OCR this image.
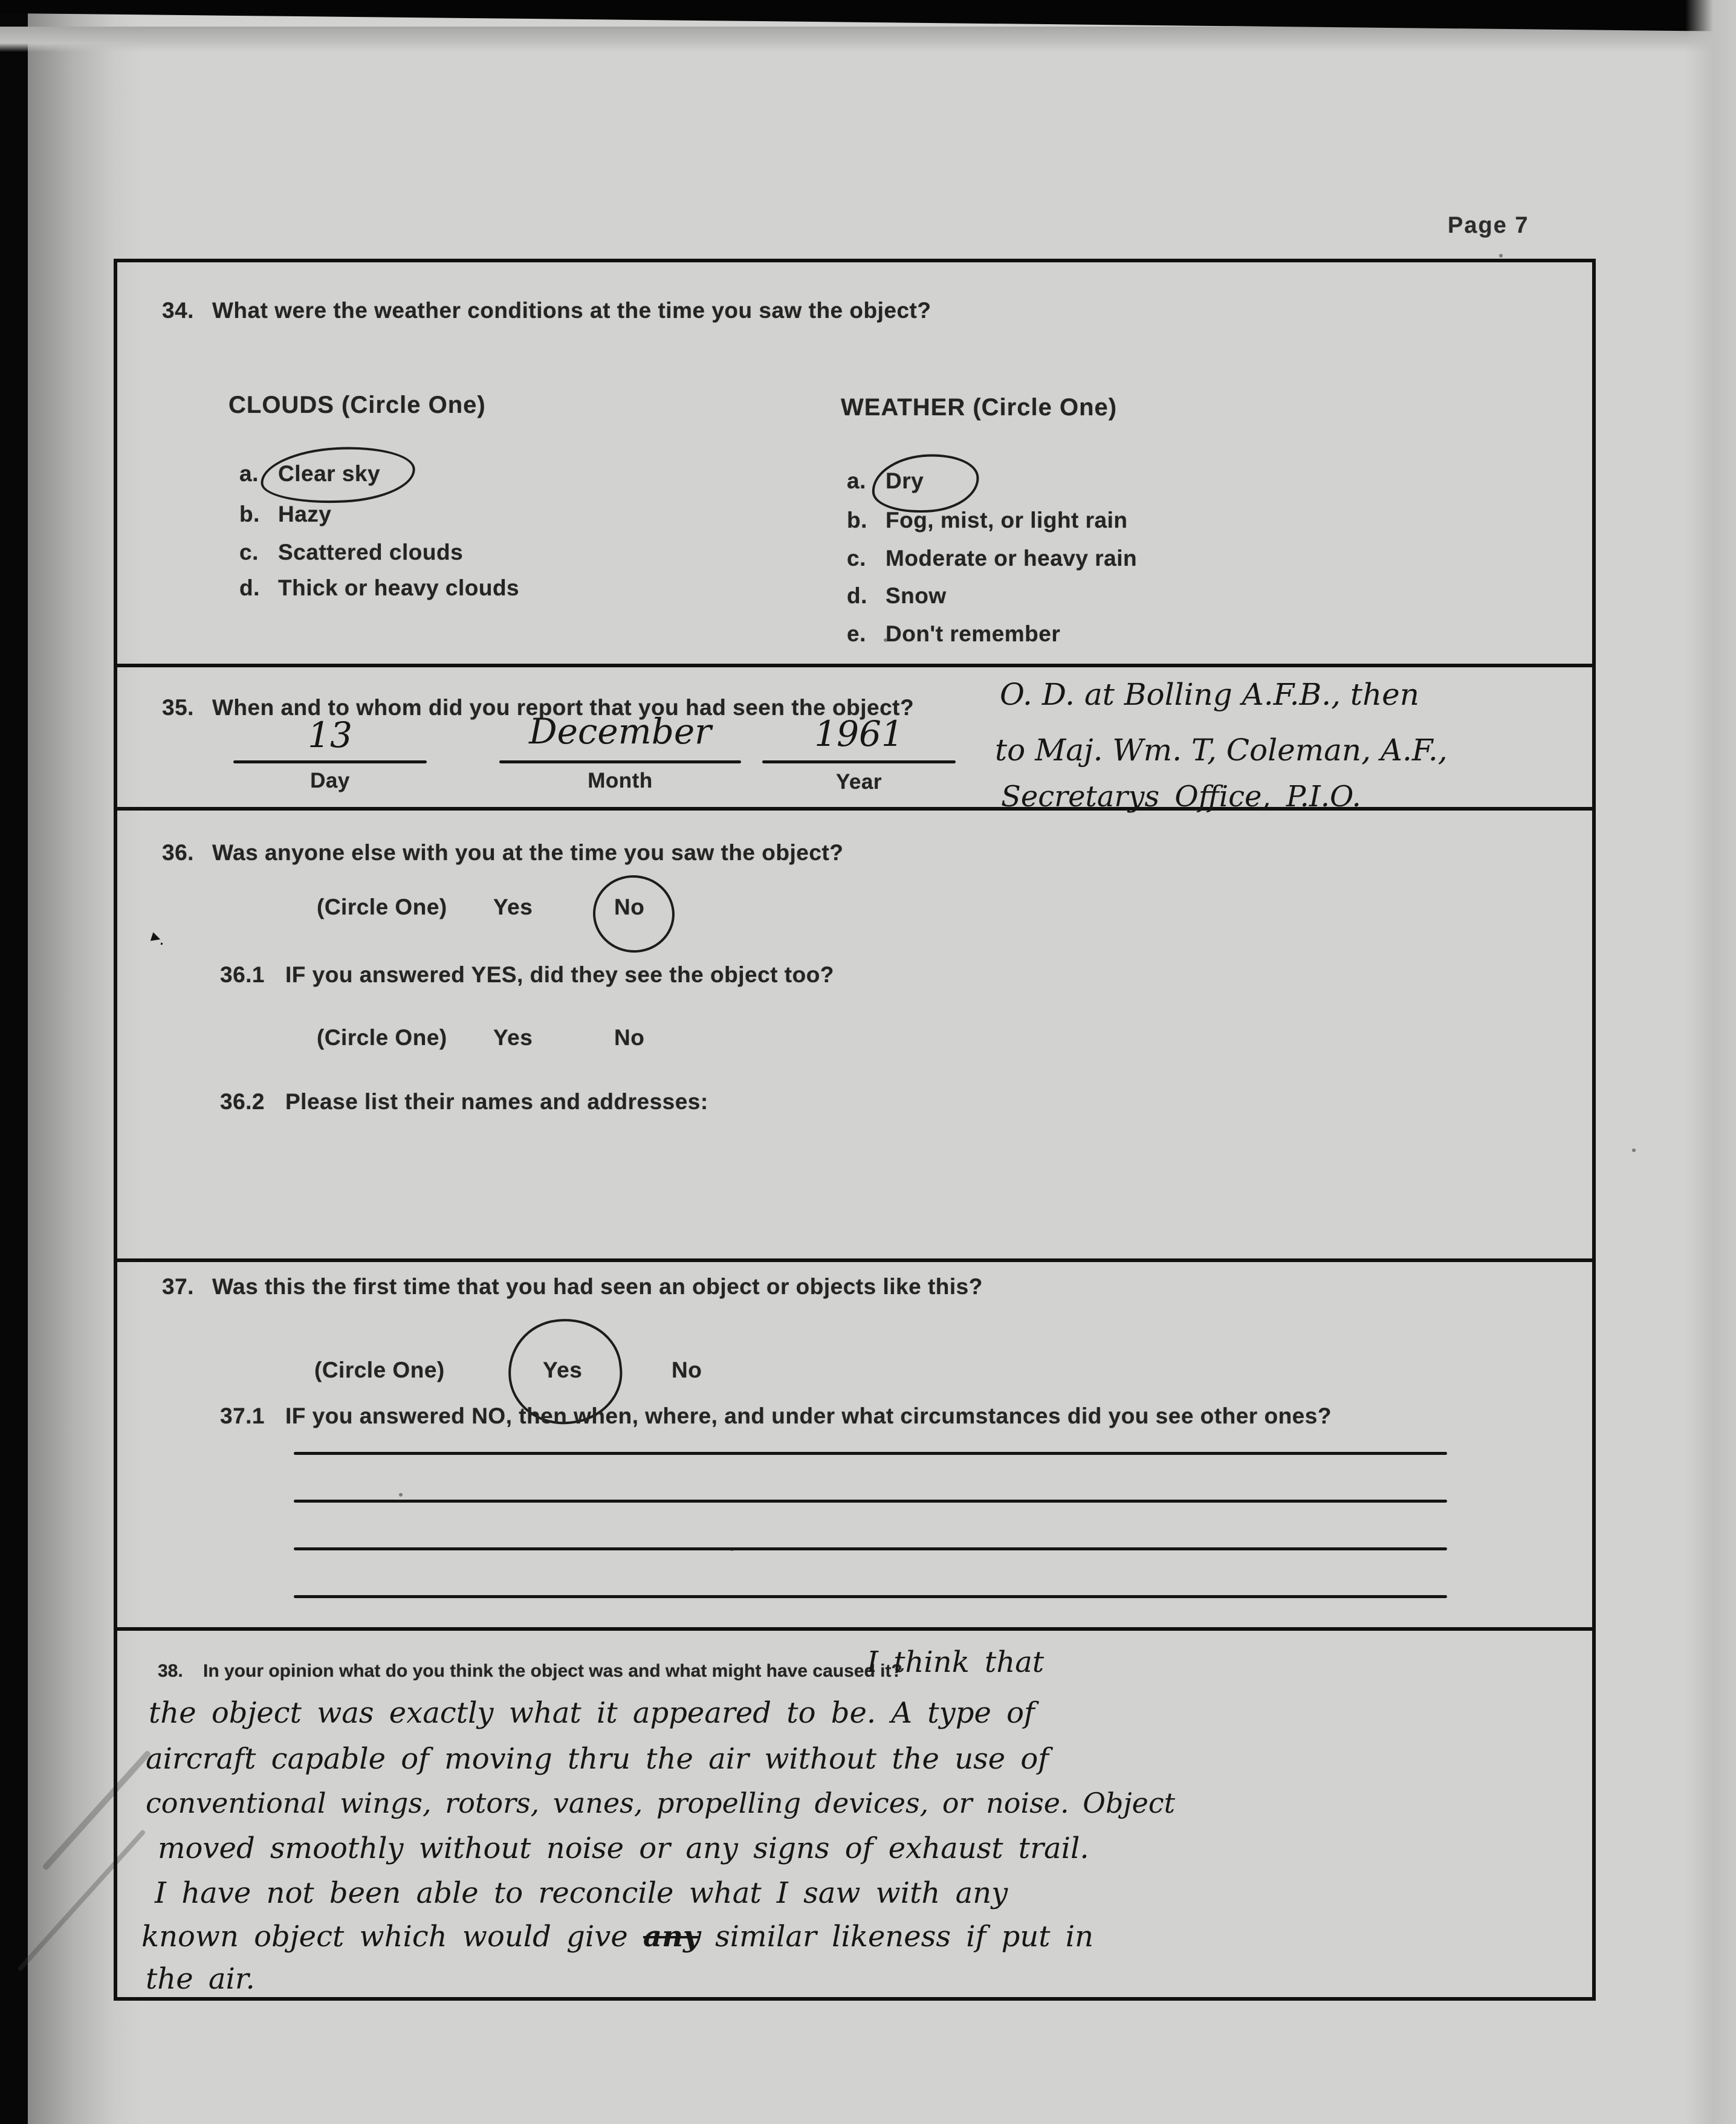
Page 7
34. What were the weather conditions at the time you saw the object?
CLOUDS (Circle One)	WEATHER (Circle One)
a. Clear sky
b. Hazy
c. Scattered clouds
d. Thick or heavy clouds
a. Dry
b. Fog, mist, or light rain
c. Moderate or heavy rain
d. Snow
e. Don't remember
35. When and to whom did you report that you had seen the object?	O. D. at Bolling A.F.B., then
to Maj. Wm. T, Coleman, A.F.,
Secretarys Office, P.I.O.
13
Day
December
Month
1961
Year
36. Was anyone else with you at the time you saw the object?
(Circle One) Yes	No
▸.
36.1 IF you answered YES, did they see the object too?
(Circle One) Yes	No
36.2 Please list their names and addresses:
37. Was this the first time that you had seen an object or objects like this?
(Circle One)	Yes	No
37.1 IF you answered NO, then when, where, and under what circumstances did you see other ones?
38. In your opinion what do you think the object was and what might have caused it?
I think that
the object was exactly what it appeared to be. A type of
aircraft capable of moving thru the air without the use of
conventional wings, rotors, vanes, propelling devices, or noise. Object
moved smoothly without noise or any signs of exhaust trail.
I have not been able to reconcile what I saw with any
known object which would give any similar likeness if put in
the air.
